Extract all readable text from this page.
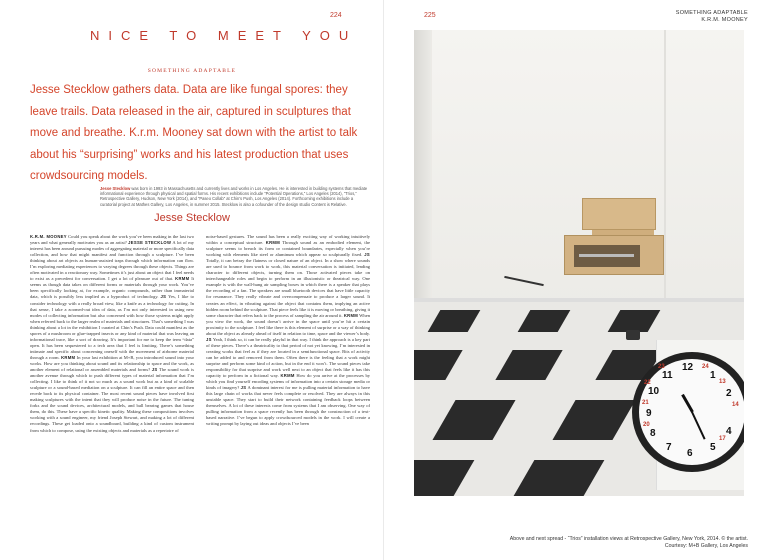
224
NICE TO MEET YOU
SOMETHING ADAPTABLE
Jesse Stecklow gathers data. Data are like fungal spores: they leave trails. Data released in the air, captured in sculptures that move and breathe. K.r.m. Mooney sat down with the artist to talk about his “surprising” works and his latest production that uses crowdsourcing models.
Jesse Stecklow was born in 1993 in Massachusetts and currently lives and works in Los Angeles. He is interested in building systems that mediate informational experience through physical and spatial forms. His recent exhibitions include “Potential Operations,” Los Angeles (2014), “Trios,” Retrospective Gallery, Hudson, New York (2014), and “Paseo Collab” at Chin’s Push, Los Angeles (2014). Forthcoming exhibitions include a curatorial project at Mathes Gallery, Los Angeles, in summer 2015. Stecklow is also a cofounder of the design studio Content is Relative.
Jesse Stecklow

K.R.M. MOONEY Could you speak about the work you’ve been making in the last two years and what generally motivates you as an artist? JESSE STECKLOW A lot of my interest has been around pursuing modes of aggregating material or more specifically data collection, and how that might manifest and function through a sculpture. I’ve been thinking about art objects as human-assisted traps through which information can flow. I’m exploring mediating experiences to varying degrees through these objects. Things are often motivated in a reactionary way. Sometimes it’s just about an object that I feel needs to exist as a precedent for conversation. I get a lot of pleasure out of that. KRMM It seems as though data takes on different forms or materials through your work. You’ve been specifically looking at, for example, organic compounds, rather than immaterial data, which is possibly less implied as a byproduct of technology. JS Yes, I like to consider technology with a really broad view, like a knife as a technology for cutting. In that sense, I take a zoomed-out idea of data, as I’m not only interested in using new modes of collecting information but also concerned with how those systems might apply when referred back to the larger realm of materials and structures. That’s something I was thinking about a lot in the exhibition I curated at Chin’s Push. Data could manifest as the spores of a mushroom or glue-trapped insects or any kind of material that was leaving an informational trace, like a sort of drawing. It’s important for me to keep the term “data” open. It has been sequestered to a tech area that I feel is limiting. There’s something intimate and specific about concerning oneself with the movement of airborne material through a room. KRMM In your last exhibition at M+B, you introduced sound into your works. How are you thinking about sound and its relationship to space and the work, as another element of relational or assembled materials and forms? JS The sound work is another avenue through which to push different types of material information that I’m collecting. I like to think of it not so much as a sound work but as a kind of scalable sculpture or a sound-based mediation on a sculpture. It can fill an entire space and then recede back to its physical container. The most recent sound pieces have involved first making sculptures with the intent that they will produce noise in the future. The tuning forks and the sound devices, architectural models, and ball bearing games that house them, do this. These have a specific kinetic quality. Making these compositions involves working with a sound engineer, my friend Joseph Stewart, and making a lot of different recordings. These get loaded onto a soundboard, building a kind of custom instrument from which to compose, using the existing objects and materials as a repertoire of

noise-based gestures. The sound has been a really exciting way of working intuitively within a conceptual structure. KRMM Through sound as an embodied element, the sculpture seems to breach its form or contained boundaries, especially when you’re working with elements like steel or aluminum which appear so sculpturally fixed. JS Totally, it can betray the flatness or closed nature of an object. In a show where sounds are used to bounce from work to work, this material conversation is initiated, lending character to different objects, turning them on. Those activated pieces take on interchangeable roles and begin to perform in an illusionistic or theatrical way. One example is with the wall-hung air sampling boxes in which there is a speaker that plays the recording of a fan. The speakers are small bluetooth devices that have little capacity for resonance. They really vibrate and overcompensate to produce a larger sound. It creates an effect, in vibrating against the object that contains them, implying an active hidden room behind the sculpture. That piece feels like it is moving or breathing, giving it some character that refers back to the process of sampling the air around it. KRMM When you view the work, the sound doesn’t arrive in the space until you’re hit a certain proximity to the sculpture. I feel like there is this element of surprise or a way of thinking about the object as already ahead of itself in relation to time, space and the viewer’s body. JS Yeah, I think so, it can be really playful in that way. I think the approach is a key part of these pieces. There’s a theatricality to that period of not yet knowing. I’m interested in creating works that feel as if they are located in a semifunctional space. Bits of activity can be added to and removed from them. Often there is the feeling that a work might surprise and perform some kind of action, but in the end it won’t. The sound pieces take responsibility for that surprise and work well next to an object that feels like it has this capacity to perform in a fictional way. KRMM How do you arrive at the processes by which you find yourself encoding systems of information into a certain storage media or kinds of imagery? JS A dominant interest for me is pulling material information to have this large chain of works that never feels complete or resolved. They are always in this unstable space. They start to build their network containing feedback loops between themselves. A lot of these interests come from systems that I am observing. One way of pulling information from a space recently has been through the construction of a text-based narrative. I’ve begun to apply crowdsourced models in the work. I will create a writing prompt by laying out ideas and objects I’ve been

225	SOMETHING ADAPTABLE
K.R.M. MOONEY
12
1
2
9
10
11
6
5
4
7
8
24
13
14
21
22
23
20
17
Above and next spread - “Trios” installation views at Retrospective Gallery, New York, 2014. © the artist.
Courtesy: M+B Gallery, Los Angeles
